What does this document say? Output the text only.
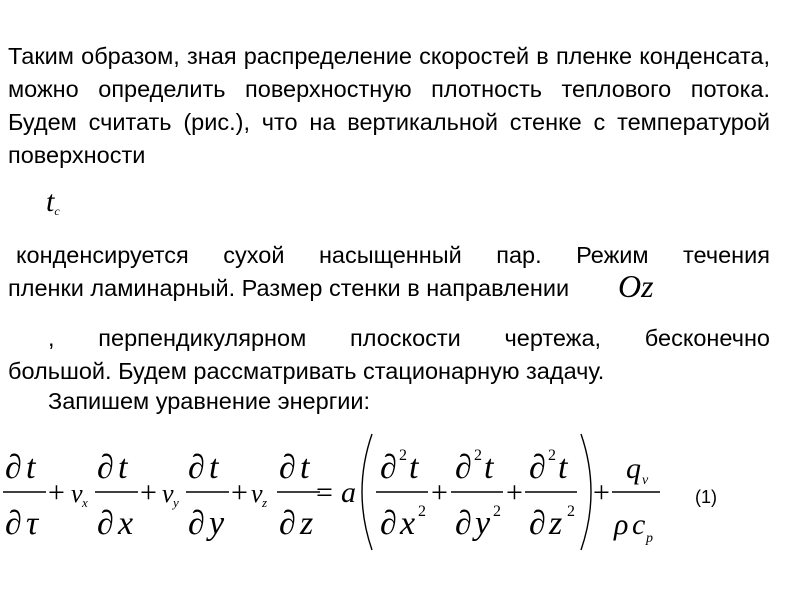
Таким образом, зная распределение скоростей в пленке конденсата, можно определить поверхностную плотность теплового потока. Будем считать (рис.), что на вертикальной стенке с температурой поверхности

tc

конденсируется сухой насыщенный пар. Режим течения

пленки ламинарный. Размер стенки в направлении	Oz

, перпендикулярном плоскости чертежа, бесконечно

большой. Будем рассматривать стационарную задачу.

Запишем уравнение энергии:

∂ t
∂ τ
+ v x
∂ t
∂ x
+ v y
∂ t
∂ y
+ v z
∂ t
∂ z
= a
∂ 2 t
∂ x 2
+
∂ 2 t
∂ y 2
+
∂ 2 t
∂ z 2
+
q v
ρ c p
(1)
